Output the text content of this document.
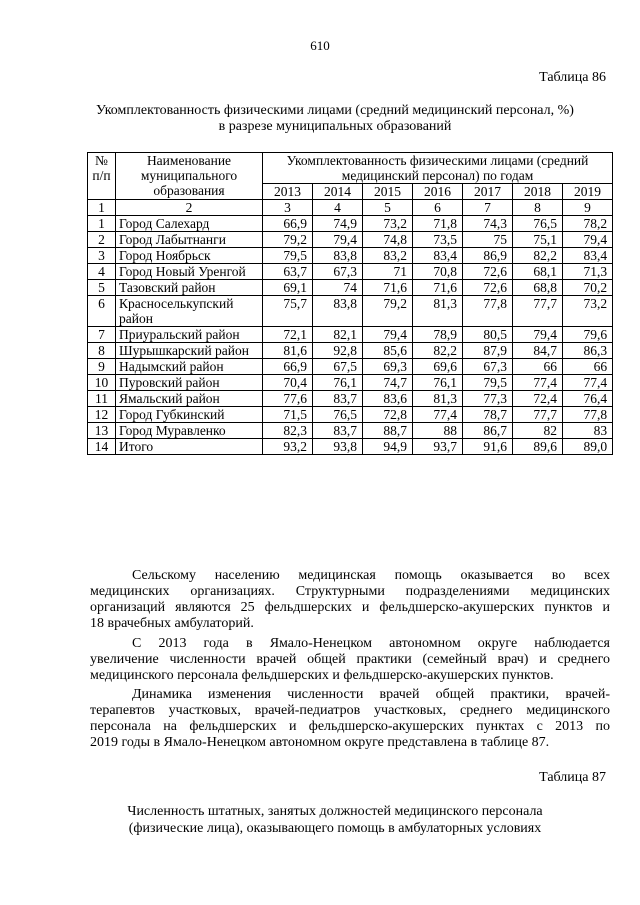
610
Таблица 86
Укомплектованность физическими лицами (средний медицинский персонал, %)
в разрезе муниципальных образований
№ п/п	Наименование муниципального образования	Укомплектованность физическими лицами (средний медицинский персонал) по годам						
		2013	2014	2015	2016	2017	2018	2019
1	2	3	4	5	6	7	8	9
1	Город Салехард	66,9	74,9	73,2	71,8	74,3	76,5	78,2
2	Город Лабытнанги	79,2	79,4	74,8	73,5	75	75,1	79,4
3	Город Ноябрьск	79,5	83,8	83,2	83,4	86,9	82,2	83,4
4	Город Новый Уренгой	63,7	67,3	71	70,8	72,6	68,1	71,3
5	Тазовский район	69,1	74	71,6	71,6	72,6	68,8	70,2
6	Красноселькупский район	75,7	83,8	79,2	81,3	77,8	77,7	73,2
7	Приуральский район	72,1	82,1	79,4	78,9	80,5	79,4	79,6
8	Шурышкарский район	81,6	92,8	85,6	82,2	87,9	84,7	86,3
9	Надымский район	66,9	67,5	69,3	69,6	67,3	66	66
10	Пуровский район	70,4	76,1	74,7	76,1	79,5	77,4	77,4
11	Ямальский район	77,6	83,7	83,6	81,3	77,3	72,4	76,4
12	Город Губкинский	71,5	76,5	72,8	77,4	78,7	77,7	77,8
13	Город Муравленко	82,3	83,7	88,7	88	86,7	82	83
14	Итого	93,2	93,8	94,9	93,7	91,6	89,6	89,0
Сельскому населению медицинская помощь оказывается во всех
медицинских организациях. Структурными подразделениями медицинских
организаций являются 25 фельдшерских и фельдшерско-акушерских пунктов и
18 врачебных амбулаторий.
С 2013 года в Ямало-Ненецком автономном округе наблюдается
увеличение численности врачей общей практики (семейный врач) и среднего
медицинского персонала фельдшерских и фельдшерско-акушерских пунктов.
Динамика изменения численности врачей общей практики, врачей-
терапевтов участковых, врачей-педиатров участковых, среднего медицинского
персонала на фельдшерских и фельдшерско-акушерских пунктах с 2013 по
2019 годы в Ямало-Ненецком автономном округе представлена в таблице 87.
Таблица 87
Численность штатных, занятых должностей медицинского персонала
(физические лица), оказывающего помощь в амбулаторных условиях
